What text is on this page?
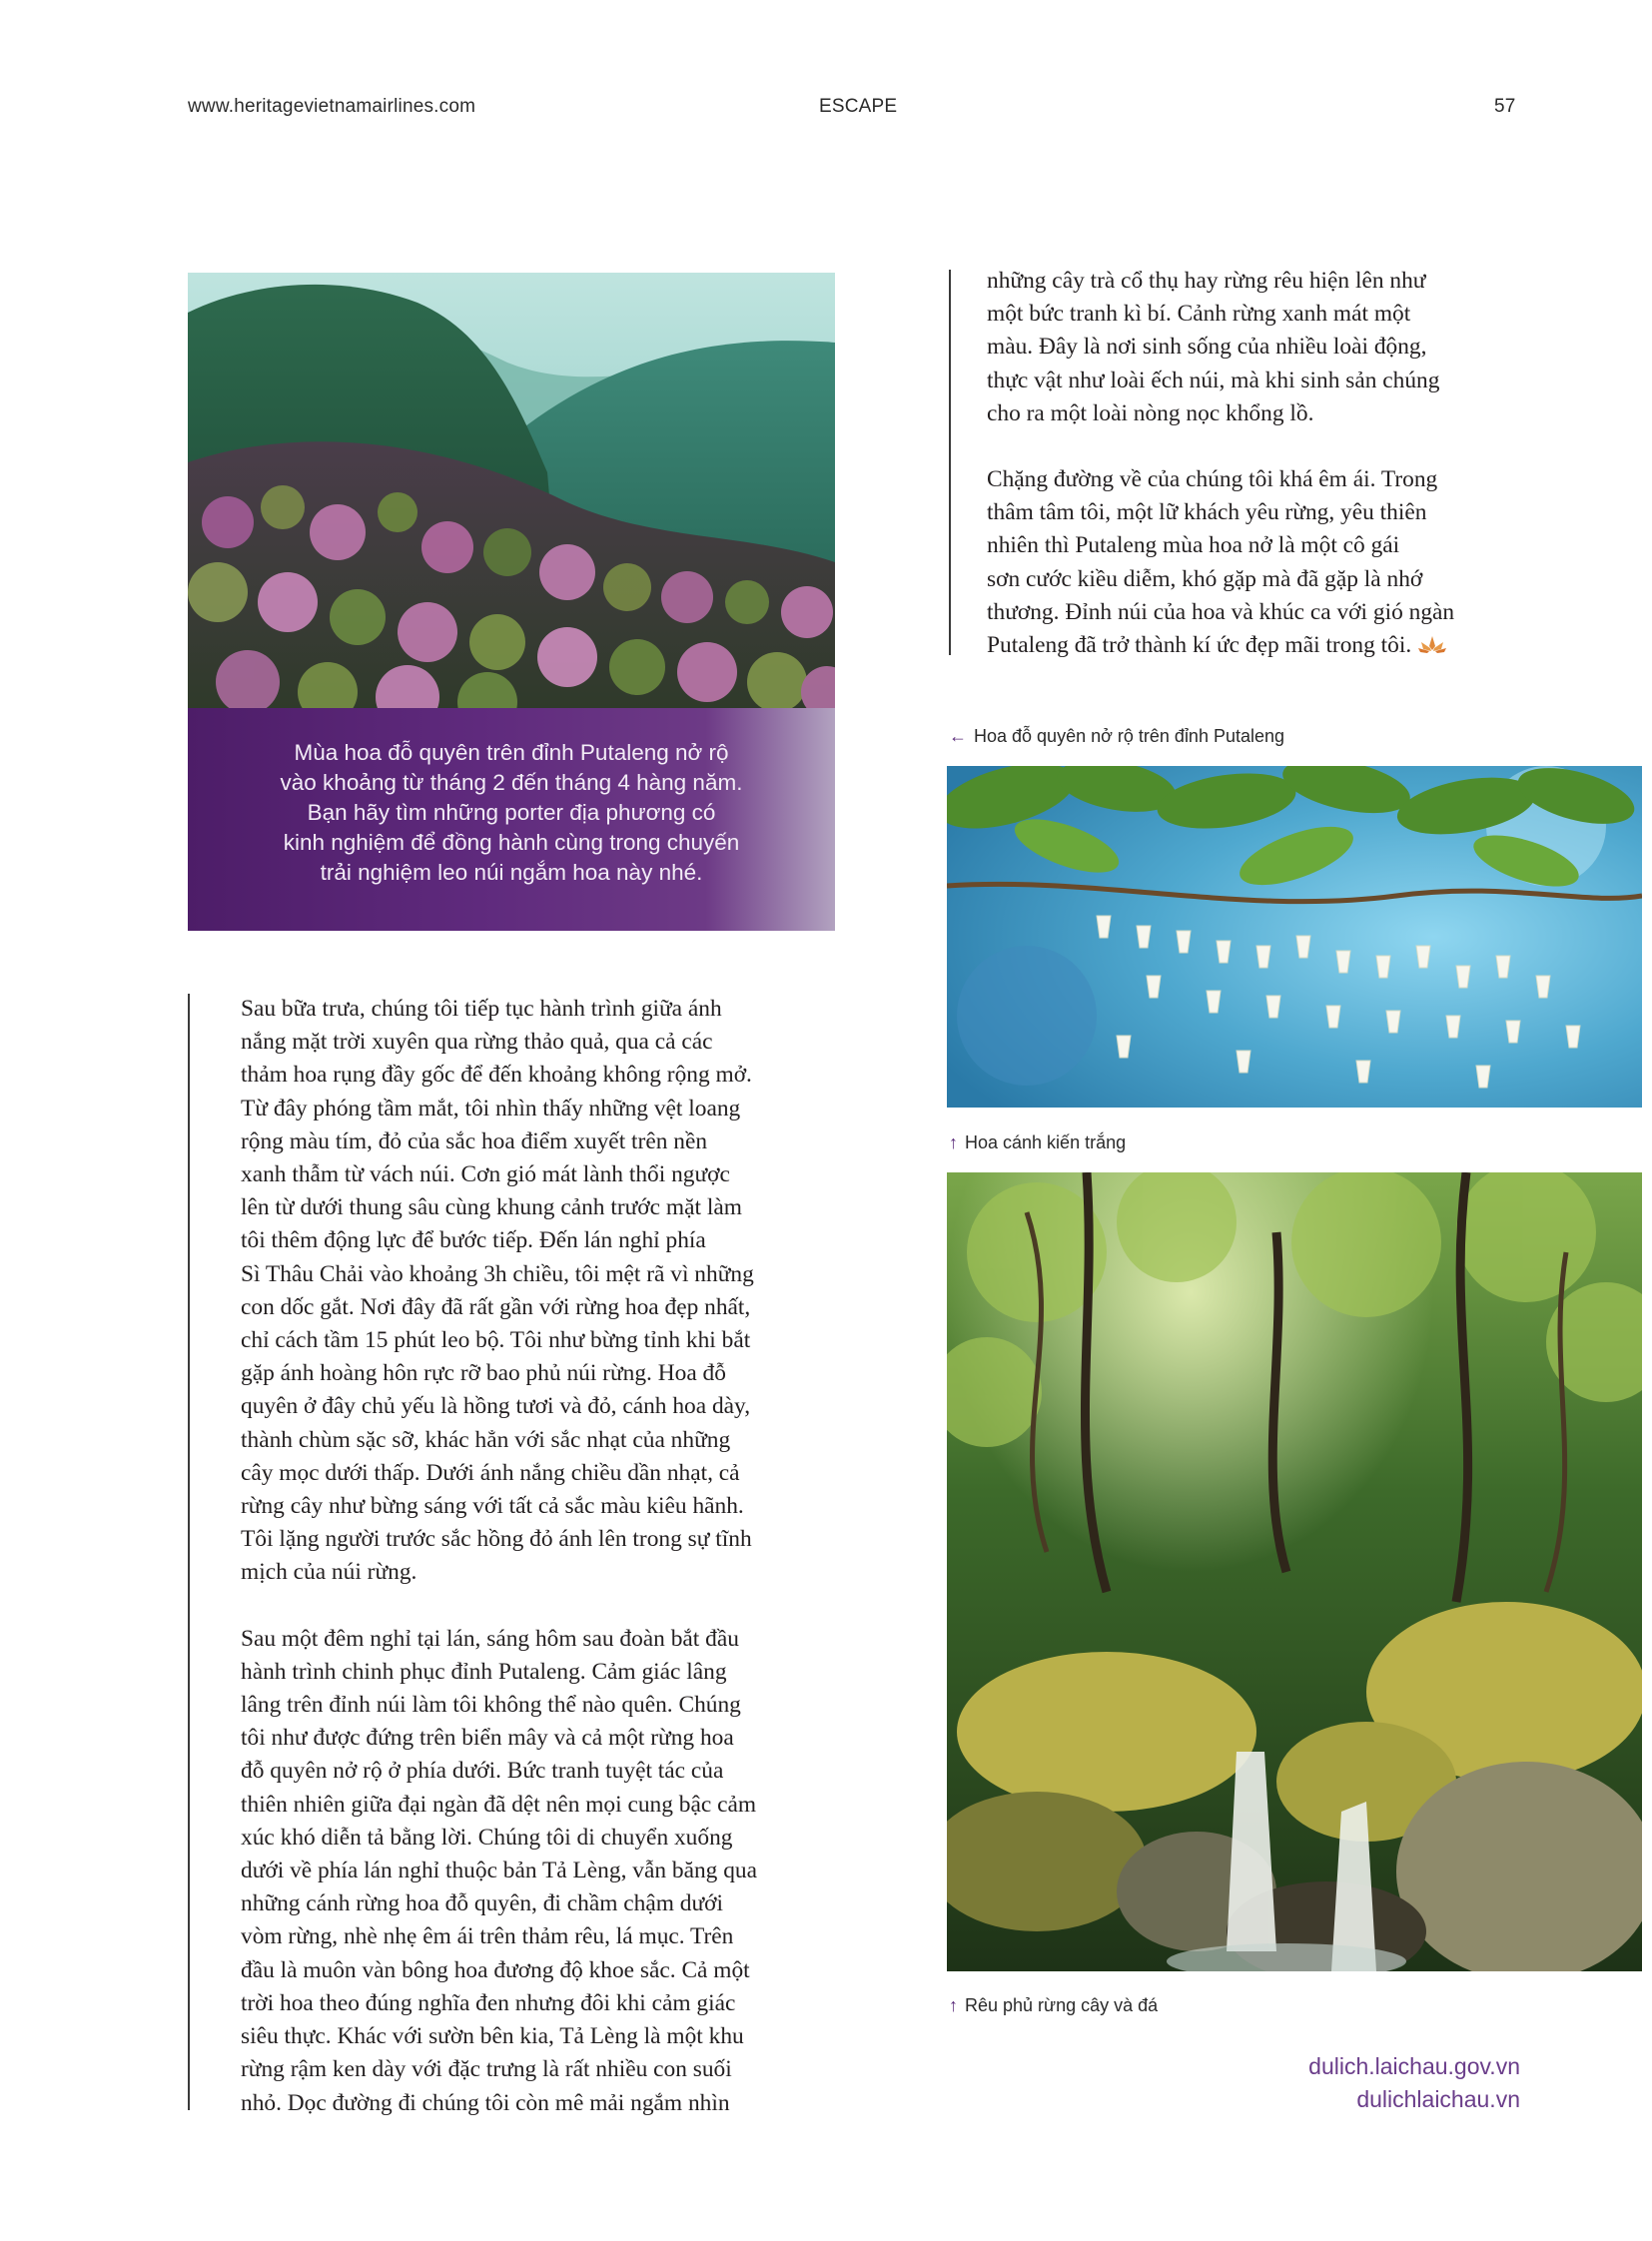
www.heritagevietnamairlines.com	ESCAPE	57
Mùa hoa đỗ quyên trên đỉnh Putaleng nở rộ
vào khoảng từ tháng 2 đến tháng 4 hàng năm.
Bạn hãy tìm những porter địa phương có
kinh nghiệm để đồng hành cùng trong chuyến
trải nghiệm leo núi ngắm hoa này nhé.

những cây trà cổ thụ hay rừng rêu hiện lên như
một bức tranh kì bí. Cảnh rừng xanh mát một
màu. Đây là nơi sinh sống của nhiều loài động,
thực vật như loài ếch núi, mà khi sinh sản chúng
cho ra một loài nòng nọc khổng lồ.

Chặng đường về của chúng tôi khá êm ái. Trong
thâm tâm tôi, một lữ khách yêu rừng, yêu thiên
nhiên thì Putaleng mùa hoa nở là một cô gái
sơn cước kiều diễm, khó gặp mà đã gặp là nhớ
thương. Đỉnh núi của hoa và khúc ca với gió ngàn
Putaleng đã trở thành kí ức đẹp mãi trong tôi.

← Hoa đỗ quyên nở rộ trên đỉnh Putaleng
↑ Hoa cánh kiến trắng
↑ Rêu phủ rừng cây và đá

Sau bữa trưa, chúng tôi tiếp tục hành trình giữa ánh
nắng mặt trời xuyên qua rừng thảo quả, qua cả các
thảm hoa rụng đầy gốc để đến khoảng không rộng mở.
Từ đây phóng tầm mắt, tôi nhìn thấy những vệt loang
rộng màu tím, đỏ của sắc hoa điểm xuyết trên nền
xanh thẫm từ vách núi. Cơn gió mát lành thổi ngược
lên từ dưới thung sâu cùng khung cảnh trước mặt làm
tôi thêm động lực để bước tiếp. Đến lán nghỉ phía
Sì Thâu Chải vào khoảng 3h chiều, tôi mệt rã vì những
con dốc gắt. Nơi đây đã rất gần với rừng hoa đẹp nhất,
chỉ cách tầm 15 phút leo bộ. Tôi như bừng tỉnh khi bắt
gặp ánh hoàng hôn rực rỡ bao phủ núi rừng. Hoa đỗ
quyên ở đây chủ yếu là hồng tươi và đỏ, cánh hoa dày,
thành chùm sặc sỡ, khác hẳn với sắc nhạt của những
cây mọc dưới thấp. Dưới ánh nắng chiều dần nhạt, cả
rừng cây như bừng sáng với tất cả sắc màu kiêu hãnh.
Tôi lặng người trước sắc hồng đỏ ánh lên trong sự tĩnh
mịch của núi rừng.

Sau một đêm nghỉ tại lán, sáng hôm sau đoàn bắt đầu
hành trình chinh phục đỉnh Putaleng. Cảm giác lâng
lâng trên đỉnh núi làm tôi không thể nào quên. Chúng
tôi như được đứng trên biển mây và cả một rừng hoa
đỗ quyên nở rộ ở phía dưới. Bức tranh tuyệt tác của
thiên nhiên giữa đại ngàn đã dệt nên mọi cung bậc cảm
xúc khó diễn tả bằng lời. Chúng tôi di chuyển xuống
dưới về phía lán nghỉ thuộc bản Tả Lèng, vẫn băng qua
những cánh rừng hoa đỗ quyên, đi chầm chậm dưới
vòm rừng, nhè nhẹ êm ái trên thảm rêu, lá mục. Trên
đầu là muôn vàn bông hoa đương độ khoe sắc. Cả một
trời hoa theo đúng nghĩa đen nhưng đôi khi cảm giác
siêu thực. Khác với sườn bên kia, Tả Lèng là một khu
rừng rậm ken dày với đặc trưng là rất nhiều con suối
nhỏ. Dọc đường đi chúng tôi còn mê mải ngắm nhìn

dulich.laichau.gov.vn
dulichlaichau.vn
